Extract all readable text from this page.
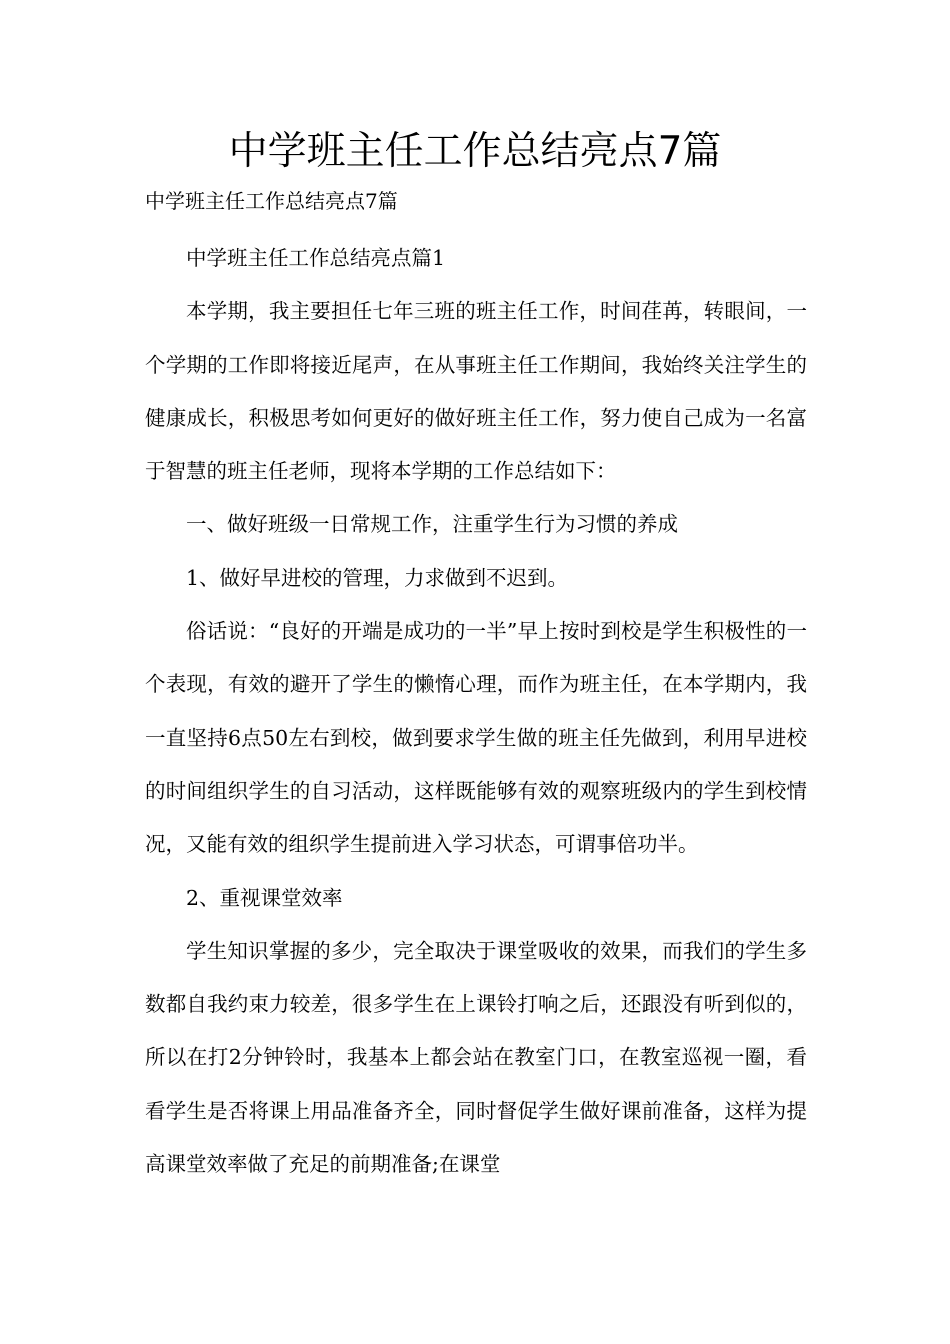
中学班主任工作总结亮点7篇

中学班主任工作总结亮点7篇

中学班主任工作总结亮点篇1

本学期，我主要担任七年三班的班主任工作，时间荏苒，转眼间，一个学期的工作即将接近尾声，在从事班主任工作期间，我始终关注学生的健康成长，积极思考如何更好的做好班主任工作，努力使自己成为一名富于智慧的班主任老师，现将本学期的工作总结如下：

一、做好班级一日常规工作，注重学生行为习惯的养成

1、做好早进校的管理，力求做到不迟到。

俗话说：“良好的开端是成功的一半”早上按时到校是学生积极性的一个表现，有效的避开了学生的懒惰心理，而作为班主任，在本学期内，我一直坚持6点50左右到校，做到要求学生做的班主任先做到，利用早进校的时间组织学生的自习活动，这样既能够有效的观察班级内的学生到校情况，又能有效的组织学生提前进入学习状态，可谓事倍功半。

2、重视课堂效率

学生知识掌握的多少，完全取决于课堂吸收的效果，而我们的学生多数都自我约束力较差，很多学生在上课铃打响之后，还跟没有听到似的，所以在打2分钟铃时，我基本上都会站在教室门口，在教室巡视一圈，看看学生是否将课上用品准备齐全，同时督促学生做好课前准备，这样为提高课堂效率做了充足的前期准备;在课堂
